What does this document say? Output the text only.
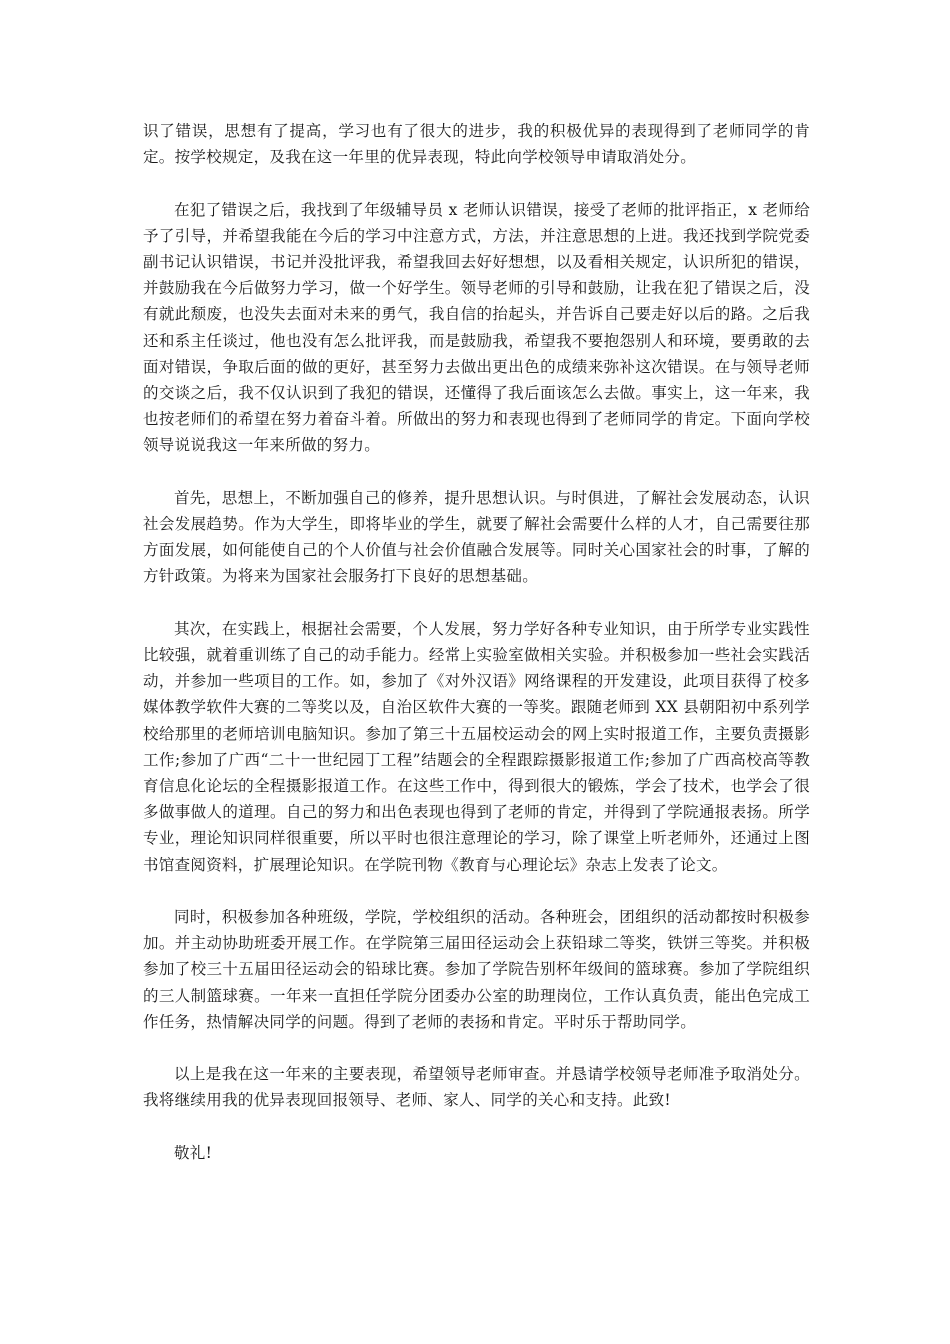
识了错误，思想有了提高，学习也有了很大的进步，我的积极优异的表现得到了老师同学的肯定。按学校规定，及我在这一年里的优异表现，特此向学校领导申请取消处分。

在犯了错误之后，我找到了年级辅导员 x 老师认识错误，接受了老师的批评指正，x 老师给予了引导，并希望我能在今后的学习中注意方式，方法，并注意思想的上进。我还找到学院党委副书记认识错误，书记并没批评我，希望我回去好好想想，以及看相关规定，认识所犯的错误，并鼓励我在今后做努力学习，做一个好学生。领导老师的引导和鼓励，让我在犯了错误之后，没有就此颓废，也没失去面对未来的勇气，我自信的抬起头，并告诉自己要走好以后的路。之后我还和系主任谈过，他也没有怎么批评我，而是鼓励我，希望我不要抱怨别人和环境，要勇敢的去面对错误，争取后面的做的更好，甚至努力去做出更出色的成绩来弥补这次错误。在与领导老师的交谈之后，我不仅认识到了我犯的错误，还懂得了我后面该怎么去做。事实上，这一年来，我也按老师们的希望在努力着奋斗着。所做出的努力和表现也得到了老师同学的肯定。下面向学校领导说说我这一年来所做的努力。

首先，思想上，不断加强自己的修养，提升思想认识。与时俱进，了解社会发展动态，认识社会发展趋势。作为大学生，即将毕业的学生，就要了解社会需要什么样的人才，自己需要往那方面发展，如何能使自己的个人价值与社会价值融合发展等。同时关心国家社会的时事，了解的方针政策。为将来为国家社会服务打下良好的思想基础。

其次，在实践上，根据社会需要，个人发展，努力学好各种专业知识，由于所学专业实践性比较强，就着重训练了自己的动手能力。经常上实验室做相关实验。并积极参加一些社会实践活动，并参加一些项目的工作。如，参加了《对外汉语》网络课程的开发建设，此项目获得了校多媒体教学软件大赛的二等奖以及，自治区软件大赛的一等奖。跟随老师到 XX 县朝阳初中系列学校给那里的老师培训电脑知识。参加了第三十五届校运动会的网上实时报道工作，主要负责摄影工作;参加了广西“二十一世纪园丁工程”结题会的全程跟踪摄影报道工作;参加了广西高校高等教育信息化论坛的全程摄影报道工作。在这些工作中，得到很大的锻炼，学会了技术，也学会了很多做事做人的道理。自己的努力和出色表现也得到了老师的肯定，并得到了学院通报表扬。所学专业，理论知识同样很重要，所以平时也很注意理论的学习，除了课堂上听老师外，还通过上图书馆查阅资料，扩展理论知识。在学院刊物《教育与心理论坛》杂志上发表了论文。

同时，积极参加各种班级，学院，学校组织的活动。各种班会，团组织的活动都按时积极参加。并主动协助班委开展工作。在学院第三届田径运动会上获铅球二等奖，铁饼三等奖。并积极参加了校三十五届田径运动会的铅球比赛。参加了学院告别杯年级间的篮球赛。参加了学院组织的三人制篮球赛。一年来一直担任学院分团委办公室的助理岗位，工作认真负责，能出色完成工作任务，热情解决同学的问题。得到了老师的表扬和肯定。平时乐于帮助同学。

以上是我在这一年来的主要表现，希望领导老师审查。并恳请学校领导老师准予取消处分。我将继续用我的优异表现回报领导、老师、家人、同学的关心和支持。此致!

敬礼!
